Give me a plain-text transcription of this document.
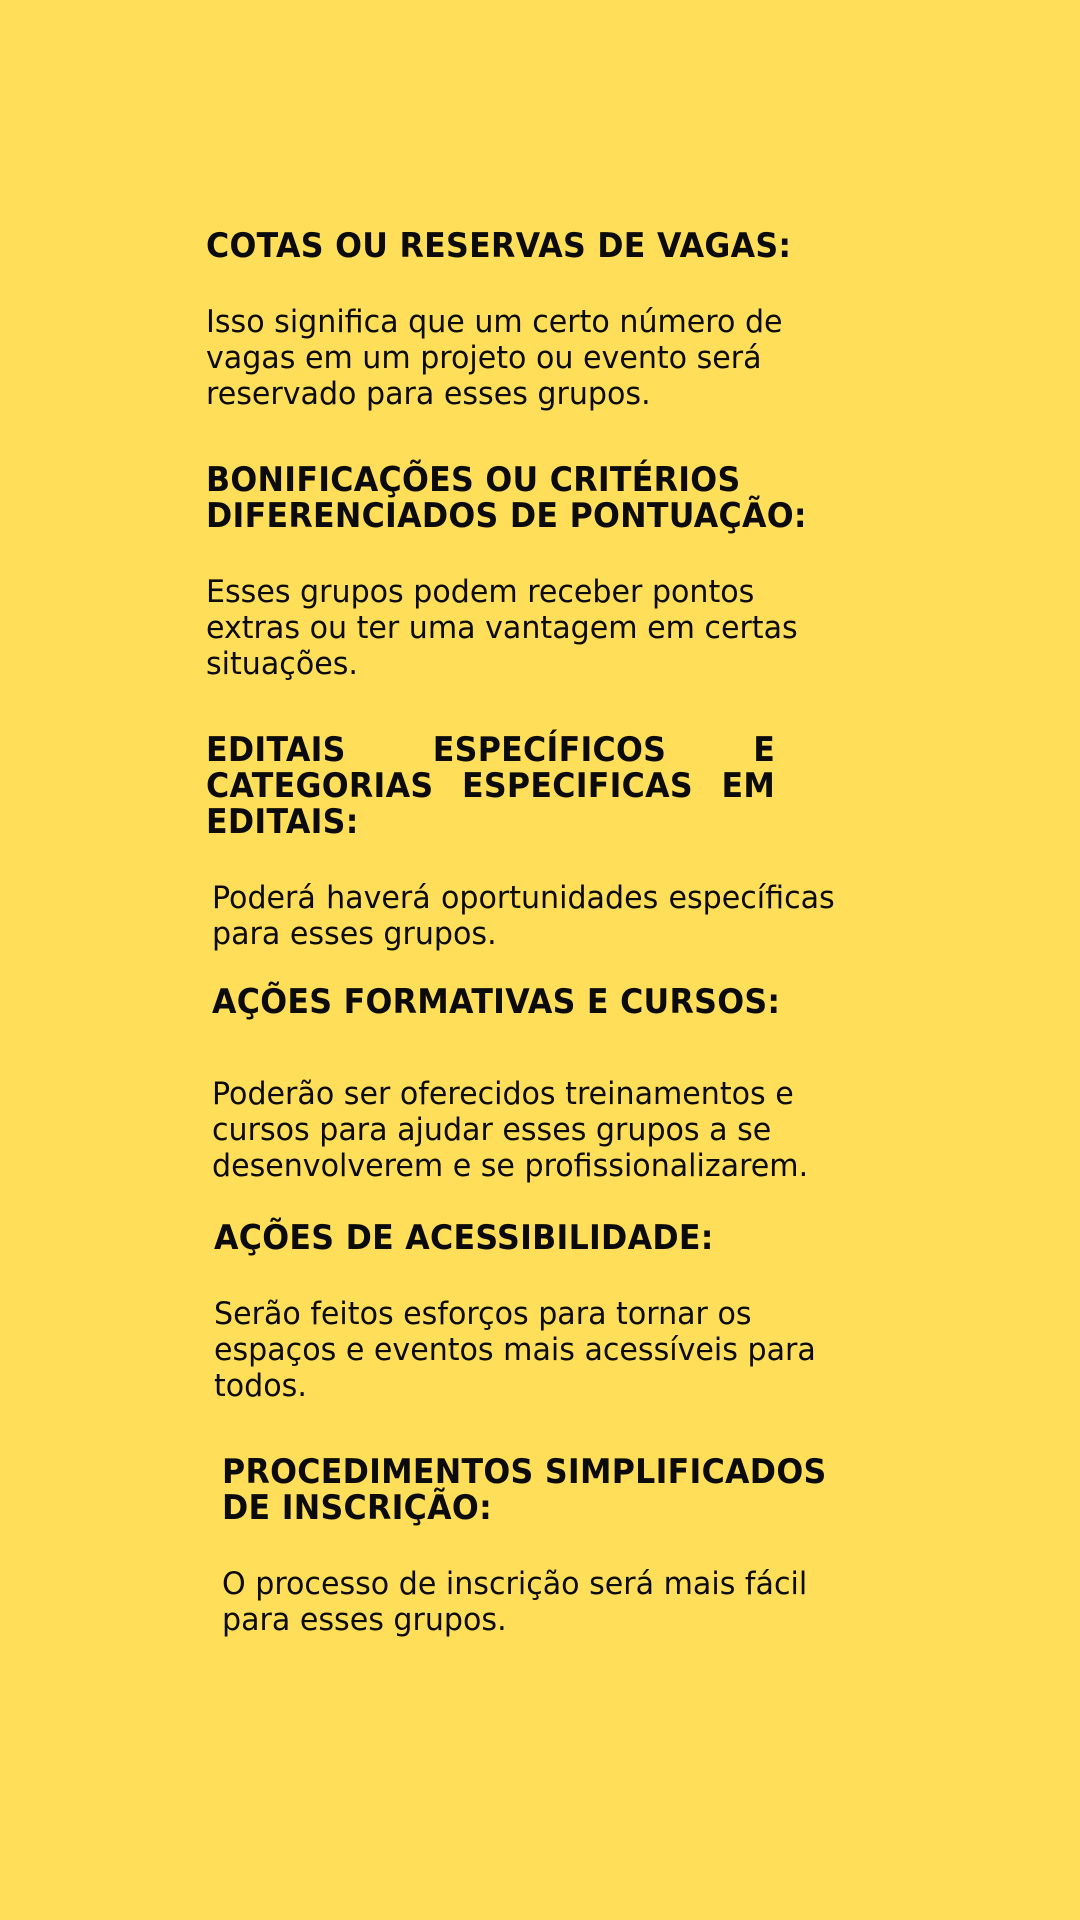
COTAS OU RESERVAS DE VAGAS:

Isso significa que um certo número de vagas em um projeto ou evento será reservado para esses grupos.

BONIFICAÇÕES OU CRITÉRIOS DIFERENCIADOS DE PONTUAÇÃO:

Esses grupos podem receber pontos extras ou ter uma vantagem em certas situações.

EDITAIS ESPECÍFICOS E CATEGORIAS ESPECIFICAS EM EDITAIS:

Poderá haverá oportunidades específicas para esses grupos.

AÇÕES FORMATIVAS E CURSOS:

Poderão ser oferecidos treinamentos e cursos para ajudar esses grupos a se desenvolverem e se profissionalizarem.

AÇÕES DE ACESSIBILIDADE:

Serão feitos esforços para tornar os espaços e eventos mais acessíveis para todos.

PROCEDIMENTOS SIMPLIFICADOS DE INSCRIÇÃO:

O processo de inscrição será mais fácil para esses grupos.
